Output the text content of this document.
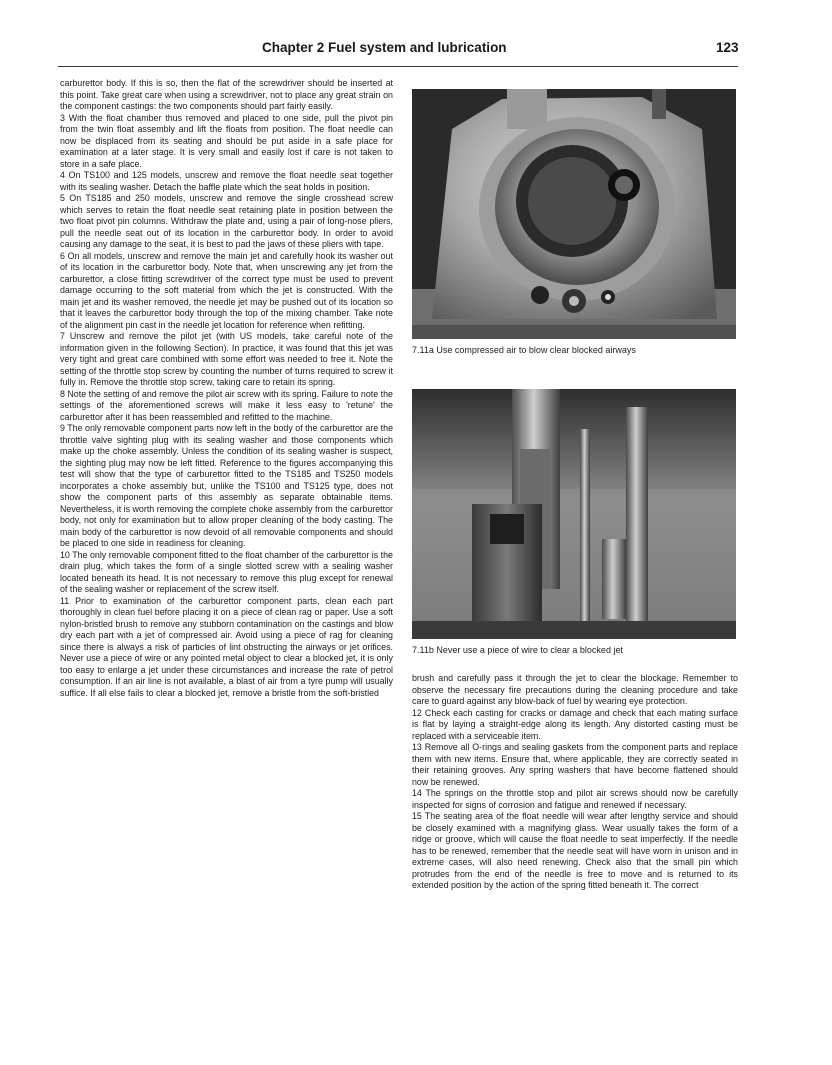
Chapter 2 Fuel system and lubrication	123

carburettor body. If this is so, then the flat of the screwdriver should be inserted at this point. Take great care when using a screwdriver, not to place any great strain on the component castings: the two components should part fairly easily.

3 With the float chamber thus removed and placed to one side, pull the pivot pin from the twin float assembly and lift the floats from position. The float needle can now be displaced from its seating and should be put aside in a safe place for examination at a later stage. It is very small and easily lost if care is not taken to store in a safe place.

4 On TS100 and 125 models, unscrew and remove the float needle seat together with its sealing washer. Detach the baffle plate which the seat holds in position.

5 On TS185 and 250 models, unscrew and remove the single crosshead screw which serves to retain the float needle seat retaining plate in position between the two float pivot pin columns. Withdraw the plate and, using a pair of long-nose pliers, pull the needle seat out of its location in the carburettor body. In order to avoid causing any damage to the seat, it is best to pad the jaws of these pliers with tape.

6 On all models, unscrew and remove the main jet and carefully hook its washer out of its location in the carburettor body. Note that, when unscrewing any jet from the carburettor, a close fitting screwdriver of the correct type must be used to prevent damage occurring to the soft material from which the jet is constructed. With the main jet and its washer removed, the needle jet may be pushed out of its location so that it leaves the carburettor body through the top of the mixing chamber. Take note of the alignment pin cast in the needle jet location for reference when refitting.

7 Unscrew and remove the pilot jet (with US models, take careful note of the information given in the following Section). In practice, it was found that this jet was very tight and great care combined with some effort was needed to free it. Note the setting of the throttle stop screw by counting the number of turns required to screw it fully in. Remove the throttle stop screw, taking care to retain its spring.

8 Note the setting of and remove the pilot air screw with its spring. Failure to note the settings of the aforementioned screws will make it less easy to 'retune' the carburettor after it has been reassembled and refitted to the machine.

9 The only removable component parts now left in the body of the carburettor are the throttle valve sighting plug with its sealing washer and those components which make up the choke assembly. Unless the condition of its sealing washer is suspect, the sighting plug may now be left fitted. Reference to the figures accompanying this test will show that the type of carburettor fitted to the TS185 and TS250 models incorporates a choke assembly but, unlike the TS100 and TS125 type, does not show the component parts of this assembly as separate obtainable items. Nevertheless, it is worth removing the complete choke assembly from the carburettor body, not only for examination but to allow proper cleaning of the body casting. The main body of the carburettor is now devoid of all removable components and should be placed to one side in readiness for cleaning.

10 The only removable component fitted to the float chamber of the carburettor is the drain plug, which takes the form of a single slotted screw with a sealing washer located beneath its head. It is not necessary to remove this plug except for renewal of the sealing washer or replacement of the screw itself.

11 Prior to examination of the carburettor component parts, clean each part thoroughly in clean fuel before placing it on a piece of clean rag or paper. Use a soft nylon-bristled brush to remove any stubborn contamination on the castings and blow dry each part with a jet of compressed air. Avoid using a piece of rag for cleaning since there is always a risk of particles of lint obstructing the airways or jet orifices. Never use a piece of wire or any pointed metal object to clear a blocked jet, it is only too easy to enlarge a jet under these circumstances and increase the rate of petrol consumption. If an air line is not available, a blast of air from a tyre pump will usually suffice. If all else fails to clear a blocked jet, remove a bristle from the soft-bristled

7.11a Use compressed air to blow clear blocked airways
7.11b Never use a piece of wire to clear a blocked jet

brush and carefully pass it through the jet to clear the blockage. Remember to observe the necessary fire precautions during the cleaning procedure and take care to guard against any blow-back of fuel by wearing eye protection.

12 Check each casting for cracks or damage and check that each mating surface is flat by laying a straight-edge along its length. Any distorted casting must be replaced with a serviceable item.

13 Remove all O-rings and sealing gaskets from the component parts and replace them with new items. Ensure that, where applicable, they are correctly seated in their retaining grooves. Any spring washers that have become flattened should now be renewed.

14 The springs on the throttle stop and pilot air screws should now be carefully inspected for signs of corrosion and fatigue and renewed if necessary.

15 The seating area of the float needle will wear after lengthy service and should be closely examined with a magnifying glass. Wear usually takes the form of a ridge or groove, which will cause the float needle to seat imperfectly. If the needle has to be renewed, remember that the needle seat will have worn in unison and in extreme cases, will also need renewing. Check also that the small pin which protrudes from the end of the needle is free to move and is returned to its extended position by the action of the spring fitted beneath it. The correct
